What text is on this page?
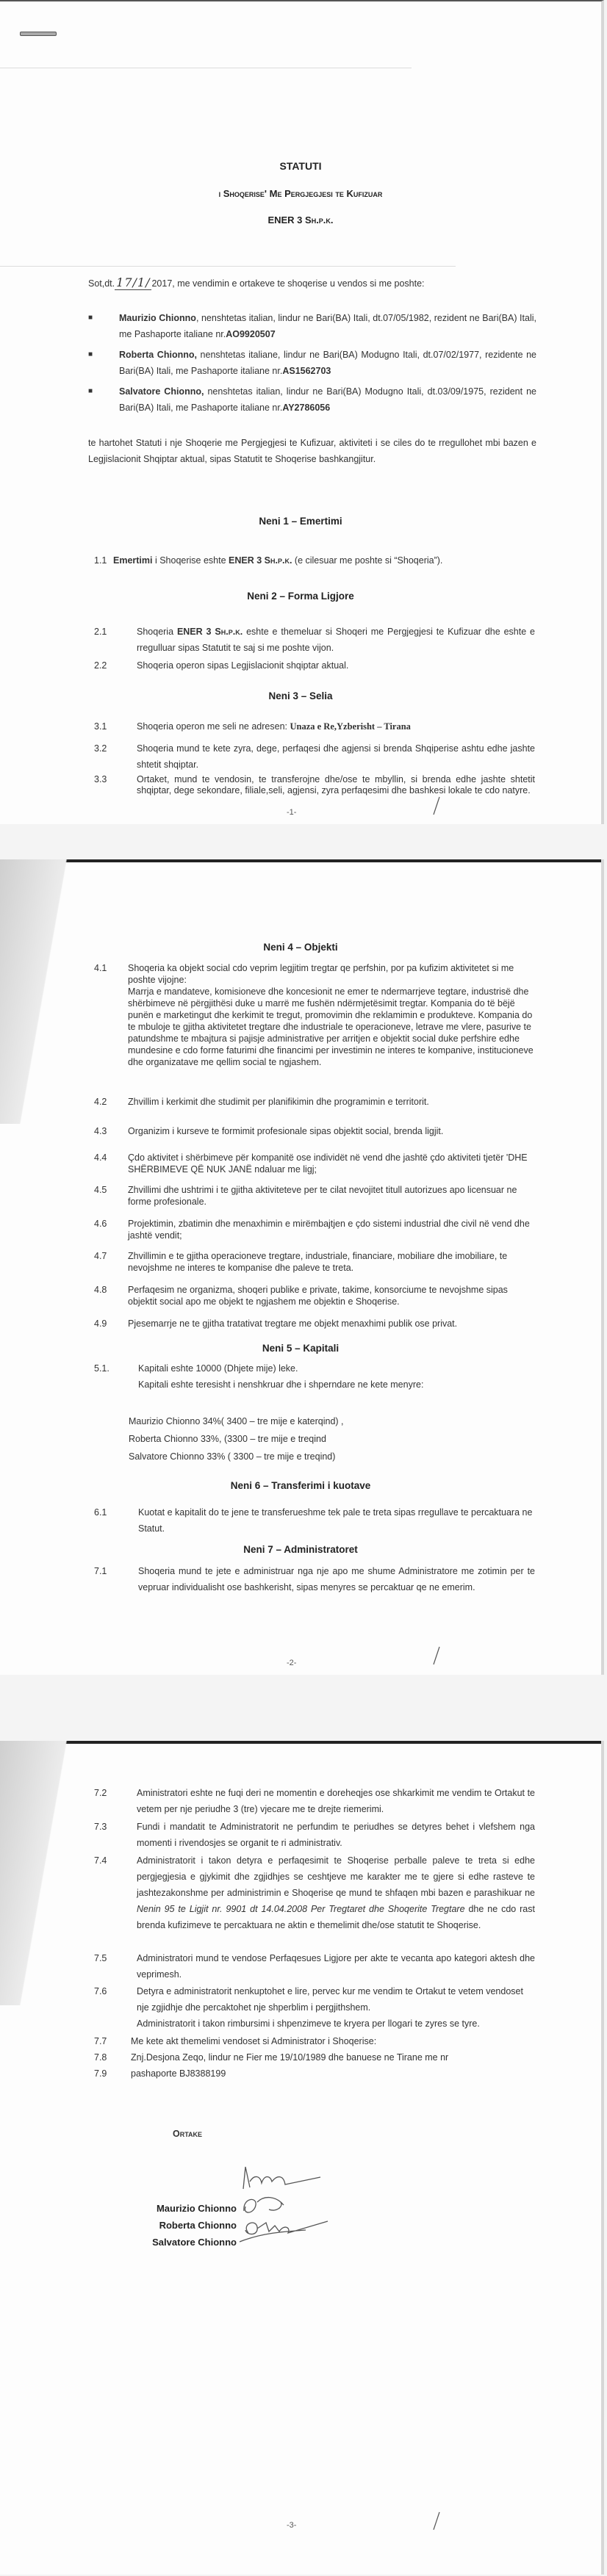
STATUTI
i Shoqerise' Me Pergjegjesi te Kufizuar
ENER 3 Sh.p.k.
Sot,dt. 17/1/ 2017, me vendimin e ortakeve te shoqerise u vendos si me poshte:
■	Maurizio Chionno, nenshtetas italian, lindur ne Bari(BA) Itali, dt.07/05/1982, rezident ne Bari(BA) Itali, me Pashaporte italiane nr.AO9920507
■	Roberta Chionno, nenshtetas italiane, lindur ne Bari(BA) Modugno Itali, dt.07/02/1977, rezidente ne Bari(BA) Itali, me Pashaporte italiane nr.AS1562703
■	Salvatore Chionno, nenshtetas italian, lindur ne Bari(BA) Modugno Itali, dt.03/09/1975, rezident ne Bari(BA) Itali, me Pashaporte italiane nr.AY2786056
te hartohet Statuti i nje Shoqerie me Pergjegjesi te Kufizuar, aktiviteti i se ciles do te rregullohet mbi bazen e Legjislacionit Shqiptar aktual, sipas Statutit te Shoqerise bashkangjitur.
Neni 1 – Emertimi
1.1 Emertimi i Shoqerise eshte ENER 3 Sh.p.k. (e cilesuar me poshte si “Shoqeria”).
Neni 2 – Forma Ligjore
2.1	Shoqeria ENER 3 Sh.p.k. eshte e themeluar si Shoqeri me Pergjegjesi te Kufizuar dhe eshte e rregulluar sipas Statutit te saj si me poshte vijon.
2.2	Shoqeria operon sipas Legjislacionit shqiptar aktual.
Neni 3 – Selia
3.1	Shoqeria operon me seli ne adresen: Unaza e Re,Yzberisht – Tirana
3.2	Shoqeria mund te kete zyra, dege, perfaqesi dhe agjensi si brenda Shqiperise ashtu edhe jashte shtetit shqiptar.
3.3	Ortaket, mund te vendosin, te transferojne dhe/ose te mbyllin, si brenda edhe jashte shtetit shqiptar, dege sekondare, filiale,seli, agjensi, zyra perfaqesimi dhe bashkesi lokale te cdo natyre.
Neni 4 – Objekti
4.1	Shoqeria ka objekt social cdo veprim legjitim tregtar qe perfshin, por pa kufizim aktivitetet si me poshte vijojne:
Marrja e mandateve, komisioneve dhe koncesionit ne emer te ndermarrjeve tegtare, industrisë dhe shërbimeve në përgjithësi duke u marrë me fushën ndërmjetësimit tregtar. Kompania do të bëjë punën e marketingut dhe kerkimit te tregut, promovimin dhe reklamimin e produkteve. Kompania do te mbuloje te gjitha aktivitetet tregtare dhe industriale te operacioneve, letrave me vlere, pasurive te patundshme te mbajtura si pajisje administrative per arritjen e objektit social duke perfshire edhe mundesine e cdo forme faturimi dhe financimi per investimin ne interes te kompanive, institucioneve dhe organizatave me qellim social te ngjashem.
4.2	Zhvillim i kerkimit dhe studimit per planifikimin dhe programimin e territorit.
4.3	Organizim i kurseve te formimit profesionale sipas objektit social, brenda ligjit.
4.4	Çdo aktivitet i shërbimeve për kompanitë ose individët në vend dhe jashtë çdo aktiviteti tjetër 'DHE SHËRBIMEVE QË NUK JANË ndaluar me ligj;
4.5	Zhvillimi dhe ushtrimi i te gjitha aktiviteteve per te cilat nevojitet titull autorizues apo licensuar ne forme profesionale.
4.6	Projektimin, zbatimin dhe menaxhimin e mirëmbajtjen e çdo sistemi industrial dhe civil në vend dhe jashtë vendit;
4.7	Zhvillimin e te gjitha operacioneve tregtare, industriale, financiare, mobiliare dhe imobiliare, te nevojshme ne interes te kompanise dhe paleve te treta.
4.8	Perfaqesim ne organizma, shoqeri publike e private, takime, konsorciume te nevojshme sipas objektit social apo me objekt te ngjashem me objektin e Shoqerise.
4.9	Pjesemarrje ne te gjitha tratativat tregtare me objekt menaxhimi publik ose privat.
Neni 5 – Kapitali
5.1.	Kapitali eshte 10000 (Dhjete mije) leke.
Kapitali eshte teresisht i nenshkruar dhe i shperndare ne kete menyre:
Maurizio Chionno 34%( 3400 – tre mije e katerqind) ,
Roberta Chionno 33%, (3300 – tre mije e treqind
Salvatore Chionno 33% ( 3300 – tre mije e treqind)
Neni 6 – Transferimi i kuotave
6.1	Kuotat e kapitalit do te jene te transferueshme tek pale te treta sipas rregullave te percaktuara ne Statut.
Neni 7 – Administratoret
7.1	Shoqeria mund te jete e administruar nga nje apo me shume Administratore me zotimin per te vepruar individualisht ose bashkerisht, sipas menyres se percaktuar qe ne emerim.
7.2	Aministratori eshte ne fuqi deri ne momentin e doreheqjes ose shkarkimit me vendim te Ortakut te vetem per nje periudhe 3 (tre) vjecare me te drejte riemerimi.
7.3	Fundi i mandatit te Administratorit ne perfundim te periudhes se detyres behet i vlefshem nga momenti i rivendosjes se organit te ri administrativ.
7.4	Administratorit i takon detyra e perfaqesimit te Shoqerise perballe paleve te treta si edhe pergjegjesia e gjykimit dhe zgjidhjes se ceshtjeve me karakter me te gjere si edhe rasteve te jashtezakonshme per administrimin e Shoqerise qe mund te shfaqen mbi bazen e parashikuar ne Nenin 95 te Ligjit nr. 9901 dt 14.04.2008 Per Tregtaret dhe Shoqerite Tregtare dhe ne cdo rast brenda kufizimeve te percaktuara ne aktin e themelimit dhe/ose statutit te Shoqerise.
7.5	Administratori mund te vendose Perfaqesues Ligjore per akte te vecanta apo kategori aktesh dhe veprimesh.
7.6	Detyra e administratorit nenkuptohet e lire, pervec kur me vendim te Ortakut te vetem vendoset nje zgjidhje dhe percaktohet nje shperblim i pergjithshem.
Administratorit i takon rimbursimi i shpenzimeve te kryera per llogari te zyres se tyre.
7.7	Me kete akt themelimi vendoset si Administrator i Shoqerise:
7.8	Znj.Desjona Zeqo, lindur ne Fier me 19/10/1989 dhe banuese ne Tirane me nr
7.9	pashaporte BJ8388199
Ortake
Maurizio Chionno
Roberta Chionno
Salvatore Chionno
-1-
-2-
-3-
